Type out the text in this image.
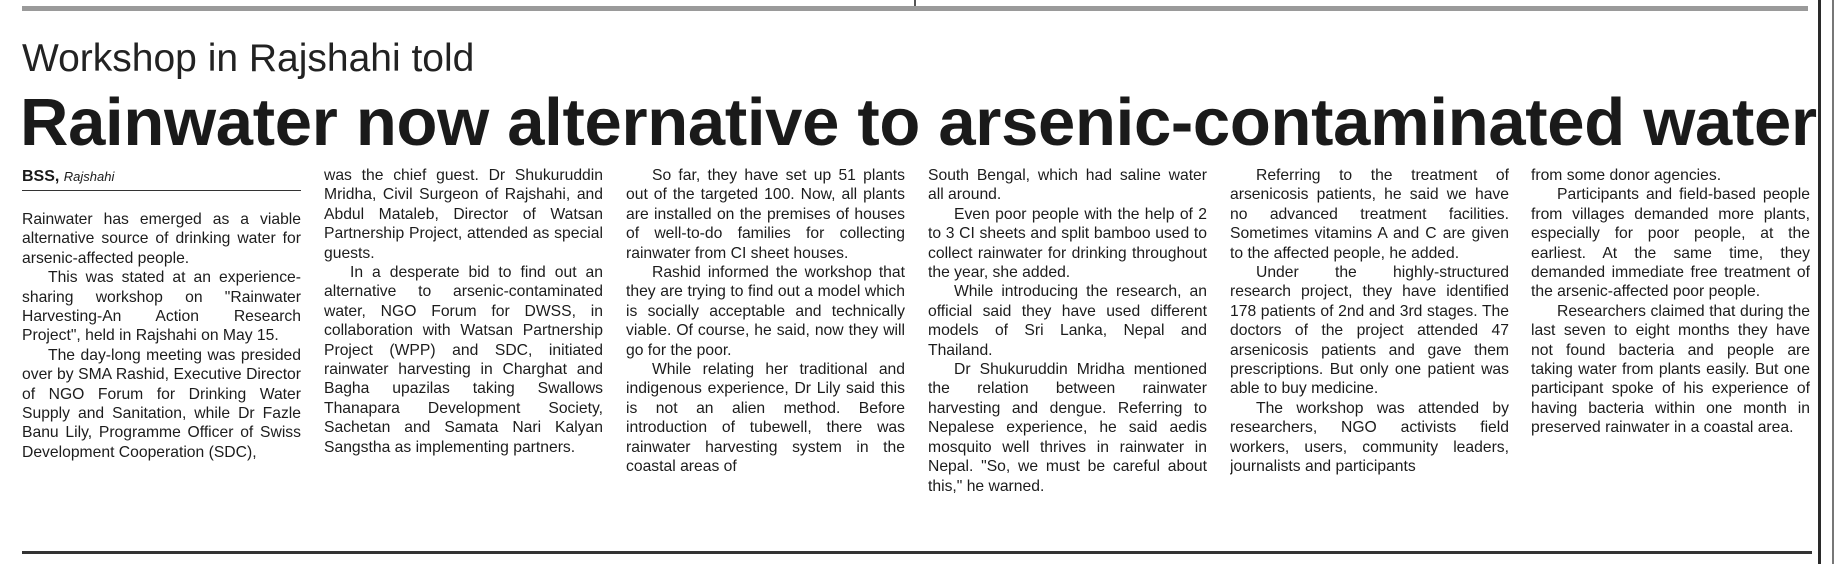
Workshop in Rajshahi told
Rainwater now alternative to arsenic-contaminated water
BSS, Rajshahi

Rainwater has emerged as a viable alternative source of drinking water for arsenic-affected people.

This was stated at an experience-sharing workshop on "Rainwater Harvesting-An Action Research Project", held in Rajshahi on May 15.

The day-long meeting was presided over by SMA Rashid, Executive Director of NGO Forum for Drinking Water Supply and Sanitation, while Dr Fazle Banu Lily, Programme Officer of Swiss Development Cooperation (SDC),

was the chief guest. Dr Shukuruddin Mridha, Civil Surgeon of Rajshahi, and Abdul Mataleb, Director of Watsan Partnership Project, attended as special guests.

In a desperate bid to find out an alternative to arsenic-contaminated water, NGO Forum for DWSS, in collaboration with Watsan Partnership Project (WPP) and SDC, initiated rainwater harvesting in Charghat and Bagha upazilas taking Swallows Thanapara Development Society, Sachetan and Samata Nari Kalyan Sangstha as implementing partners.

So far, they have set up 51 plants out of the targeted 100. Now, all plants are installed on the premises of houses of well-to-do families for collecting rainwater from CI sheet houses.

Rashid informed the workshop that they are trying to find out a model which is socially acceptable and technically viable. Of course, he said, now they will go for the poor.

While relating her traditional and indigenous experience, Dr Lily said this is not an alien method. Before introduction of tubewell, there was rainwater harvesting system in the coastal areas of

South Bengal, which had saline water all around.

Even poor people with the help of 2 to 3 CI sheets and split bamboo used to collect rainwater for drinking throughout the year, she added.

While introducing the research, an official said they have used different models of Sri Lanka, Nepal and Thailand.

Dr Shukuruddin Mridha mentioned the relation between rainwater harvesting and dengue. Referring to Nepalese experience, he said aedis mosquito well thrives in rainwater in Nepal. "So, we must be careful about this," he warned.

Referring to the treatment of arsenicosis patients, he said we have no advanced treatment facilities. Sometimes vitamins A and C are given to the affected people, he added.

Under the highly-structured research project, they have identified 178 patients of 2nd and 3rd stages. The doctors of the project attended 47 arsenicosis patients and gave them prescriptions. But only one patient was able to buy medicine.

The workshop was attended by researchers, NGO activists field workers, users, community leaders, journalists and participants

from some donor agencies.

Participants and field-based people from villages demanded more plants, especially for poor people, at the earliest. At the same time, they demanded immediate free treatment of the arsenic-affected poor people.

Researchers claimed that during the last seven to eight months they have not found bacteria and people are taking water from plants easily. But one participant spoke of his experience of having bacteria within one month in preserved rainwater in a coastal area.
